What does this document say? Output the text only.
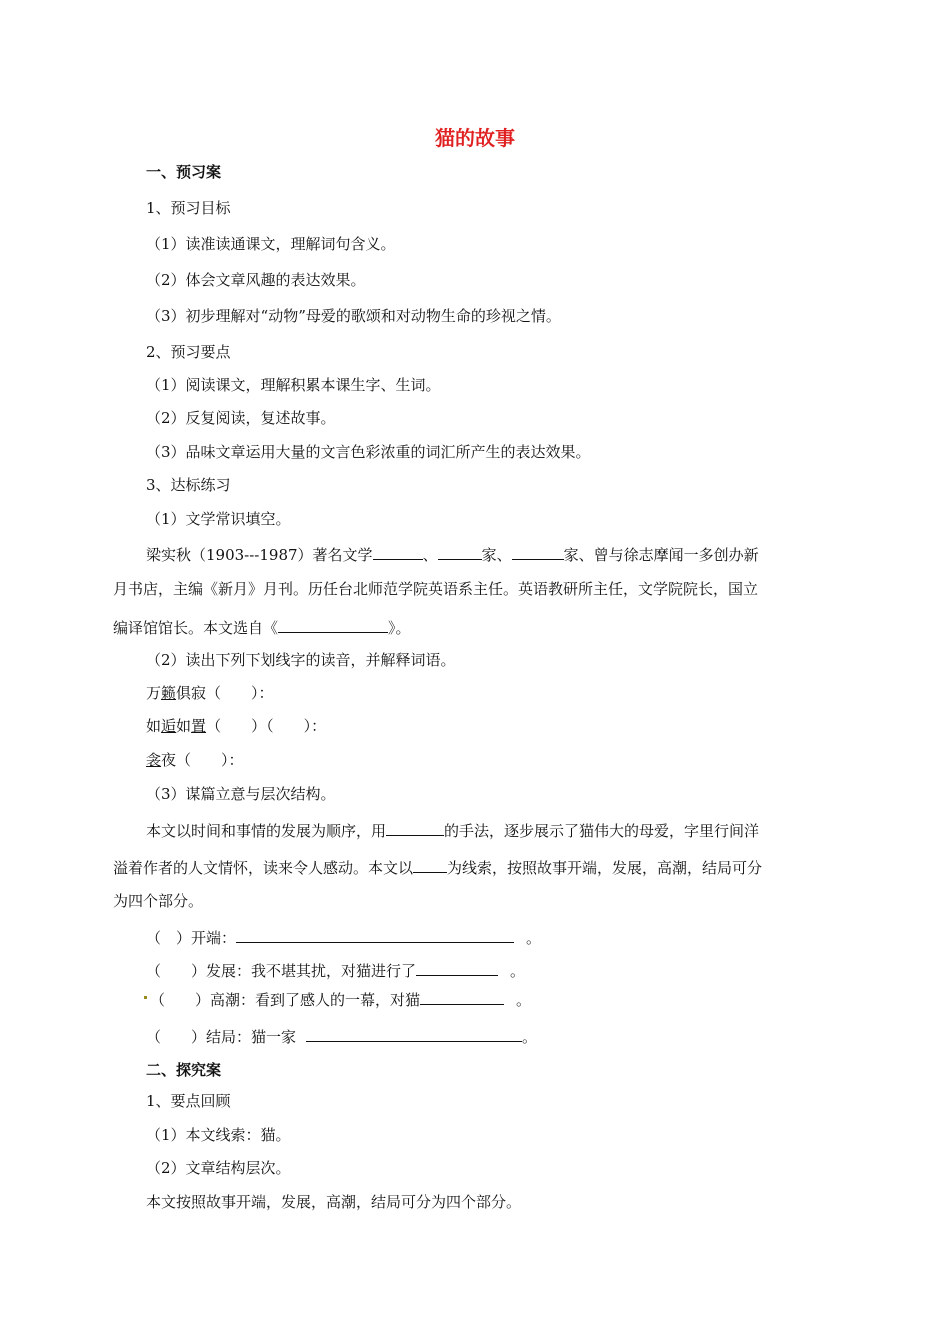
猫的故事
一、预习案
1、预习目标
（1）读准读通课文，理解词句含义。
（2）体会文章风趣的表达效果。
（3）初步理解对“动物”母爱的歌颂和对动物生命的珍视之情。
2、预习要点
（1）阅读课文，理解积累本课生字、生词。
（2）反复阅读，复述故事。
（3）品味文章运用大量的文言色彩浓重的词汇所产生的表达效果。
3、达标练习
（1）文学常识填空。
梁实秋（1903---1987）著名文学	、	家、	家、曾与徐志摩闻一多创办新
月书店，主编《新月》月刊。历任台北师范学院英语系主任。英语教研所主任，文学院院长，国立
编译馆馆长。本文选自《	》。
（2）读出下列下划线字的读音，并解释词语。
万籁俱寂（　　）：
如逅如置（　　）（　　）：
衾夜（　　）：
（3）谋篇立意与层次结构。
本文以时间和事情的发展为顺序，用	的手法，逐步展示了猫伟大的母爱，字里行间洋
溢着作者的人文情怀，读来令人感动。本文以 为线索，按照故事开端，发展，高潮，结局可分
为四个部分。
（　）开端：	。
（　　）发展：我不堪其扰，对猫进行了	。
（　　）高潮：看到了感人的一幕，对猫	。
（　　）结局：猫一家	。
二、探究案
1、要点回顾
（1）本文线索：猫。
（2）文章结构层次。
本文按照故事开端，发展，高潮，结局可分为四个部分。
